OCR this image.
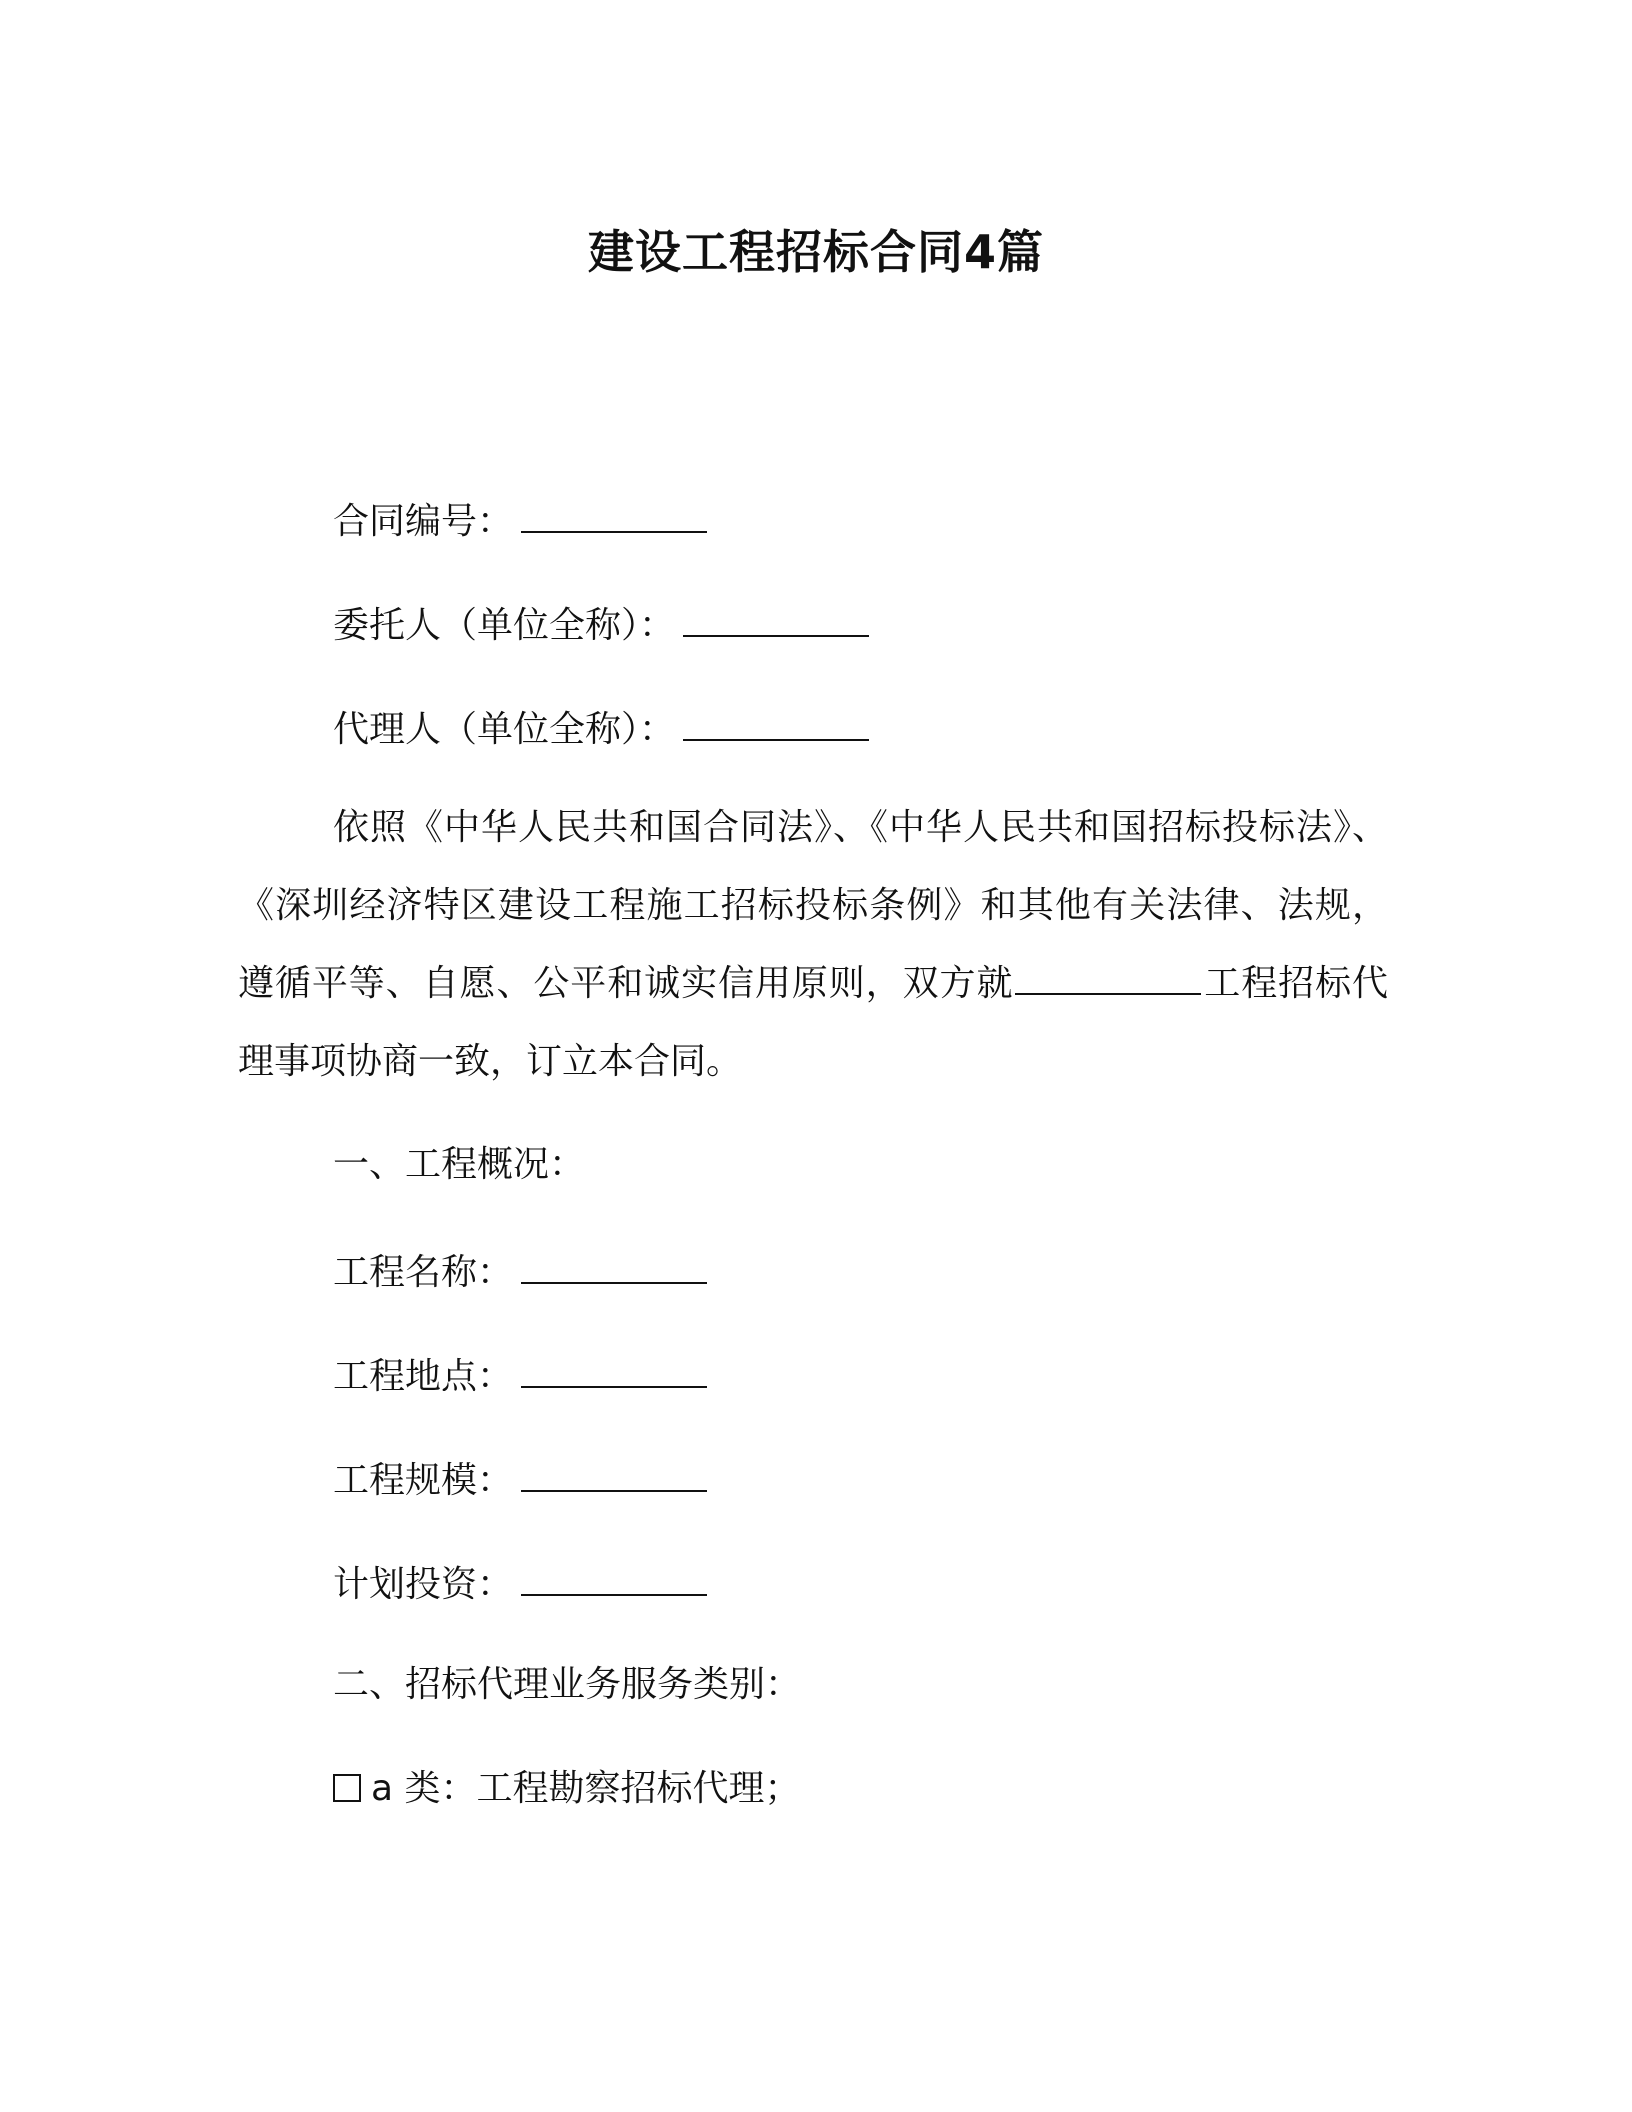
建设工程招标合同4篇
合同编号：
委托人（单位全称）：
代理人（单位全称）：
依照《中华人民共和国合同法》、《中华人民共和国招标投标法》、《深圳经济特区建设工程施工招标投标条例》和其他有关法律、法规，遵循平等、自愿、公平和诚实信用原则，双方就	工程招标代理事项协商一致，订立本合同。
一、工程概况：
工程名称：
工程地点：
工程规模：
计划投资：
二、招标代理业务服务类别：
a 类：工程勘察招标代理；
